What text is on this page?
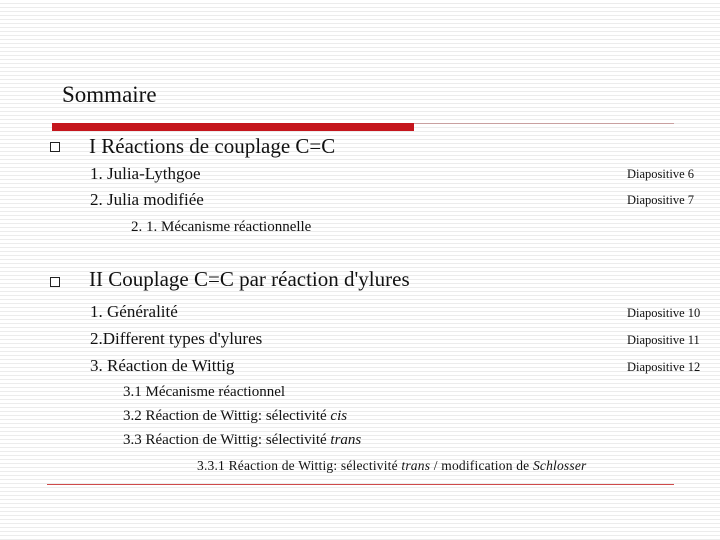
Sommaire
I Réactions de couplage C=C
1. Julia-Lythgoe	Diapositive 6
2. Julia modifiée	Diapositive 7
2. 1. Mécanisme réactionnelle
II Couplage C=C par réaction d'ylures
1. Généralité	Diapositive 10
2.Different types d'ylures	Diapositive 11
3. Réaction de Wittig	Diapositive 12
3.1 Mécanisme réactionnel
3.2 Réaction de Wittig: sélectivité cis
3.3 Réaction de Wittig: sélectivité trans
3.3.1 Réaction de Wittig: sélectivité trans / modification de Schlosser
